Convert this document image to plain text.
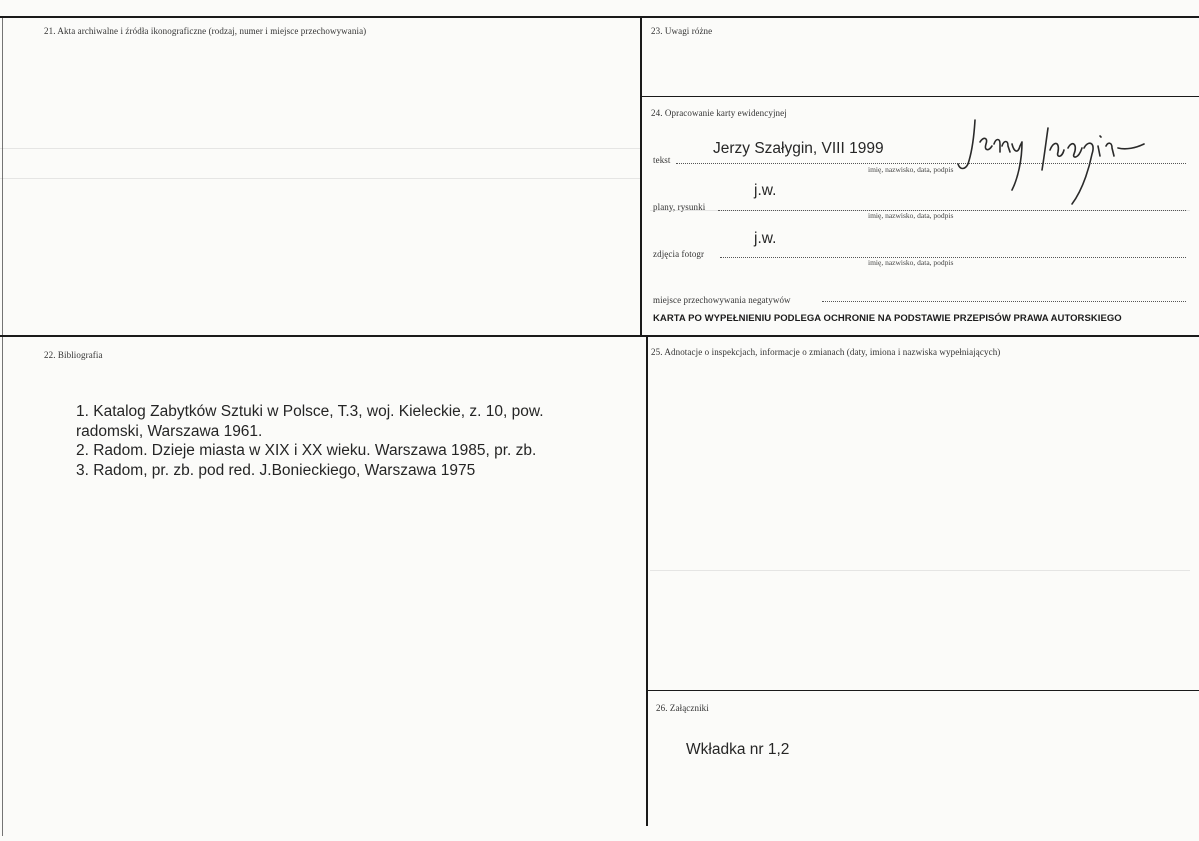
21. Akta archiwalne i źródła ikonograficzne (rodzaj, numer i miejsce przechowywania)	23. Uwagi różne
24. Opracowanie karty ewidencyjnej
tekst
Jerzy Szałygin, VIII 1999
imię, nazwisko, data, podpis
plany, rysunki
j.w.
imię, nazwisko, data, podpis
zdjęcia fotogr
j.w.
imię, nazwisko, data, podpis
miejsce przechowywania negatywów
KARTA PO WYPEŁNIENIU PODLEGA OCHRONIE NA PODSTAWIE PRZEPISÓW PRAWA AUTORSKIEGO
22. Bibliografia
1. Katalog Zabytków Sztuki w Polsce, T.3, woj. Kieleckie, z. 10, pow.
radomski, Warszawa 1961.
2. Radom. Dzieje miasta w XIX i XX wieku. Warszawa 1985, pr. zb.
3. Radom, pr. zb. pod red. J.Bonieckiego, Warszawa 1975
25. Adnotacje o inspekcjach, informacje o zmianach (daty, imiona i nazwiska wypełniających)
26. Załączniki
Wkładka nr 1,2
